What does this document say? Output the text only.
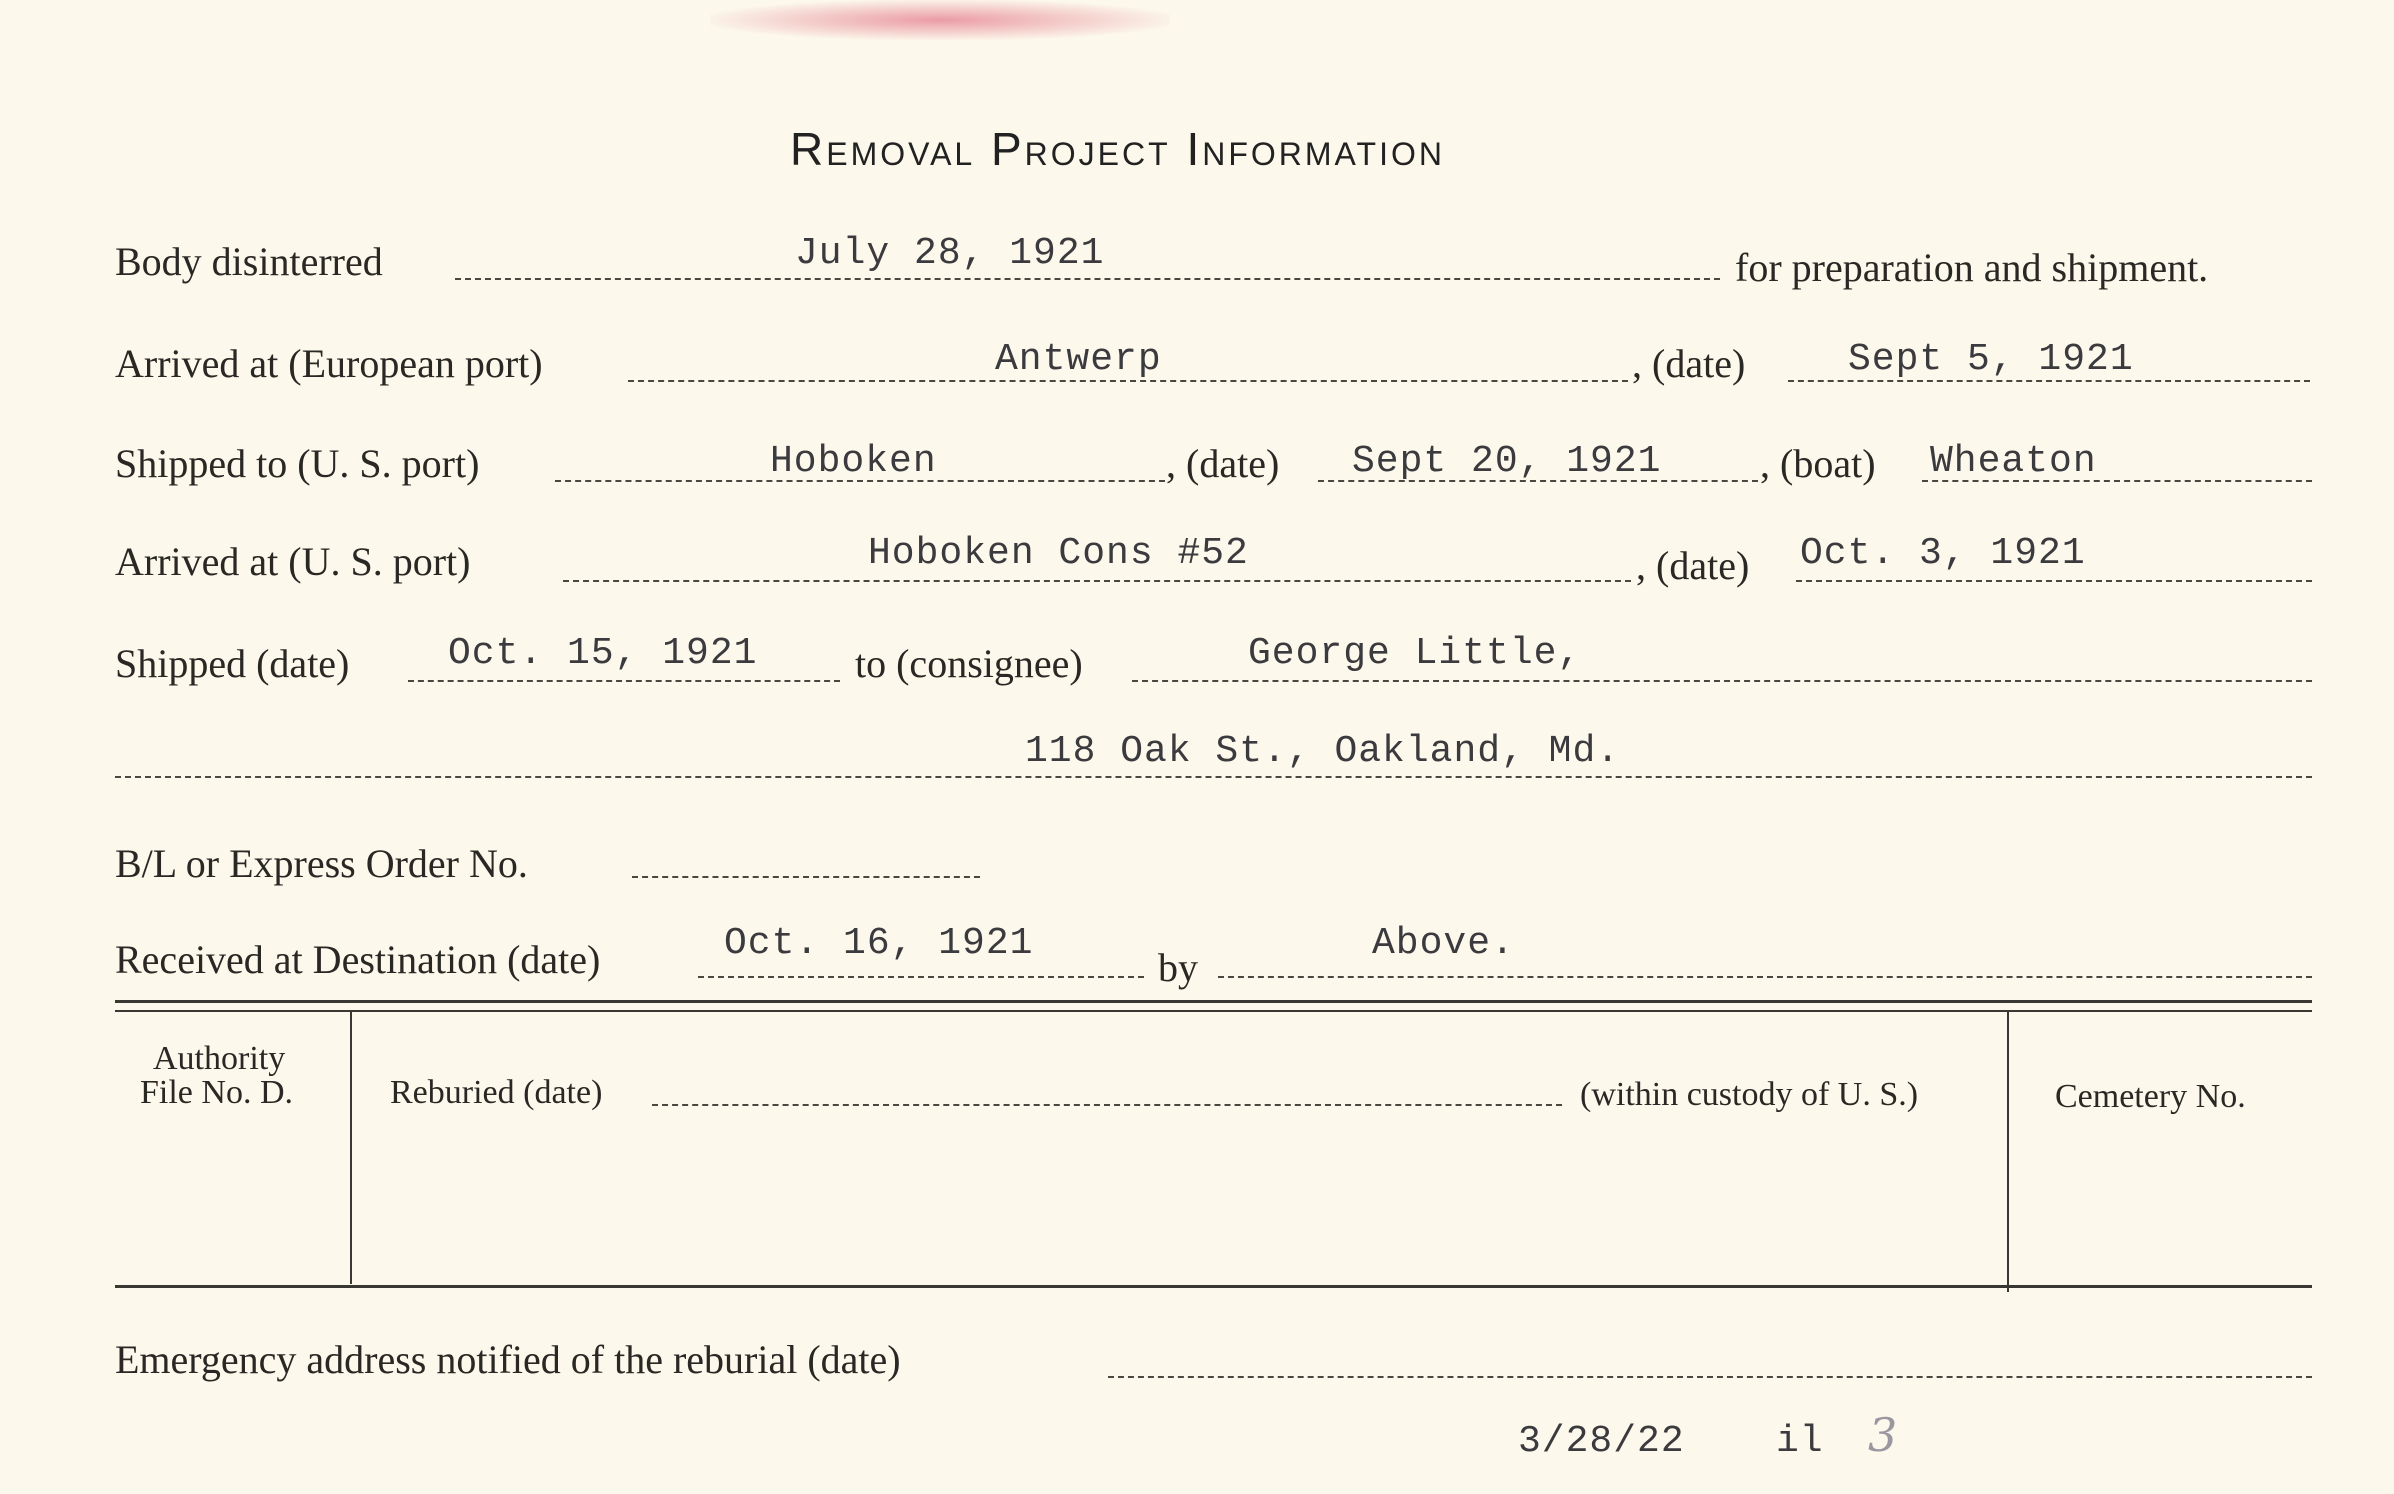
Removal Project Information
Body disinterred	July 28, 1921	for preparation and shipment.
Arrived at (European port)	Antwerp	, (date)	Sept 5, 1921
Shipped to (U. S. port)	Hoboken	, (date) Sept 20, 1921 , (boat) Wheaton
Arrived at (U. S. port)	Hoboken Cons #52	, (date) Oct. 3, 1921
Shipped (date)	Oct. 15, 1921 to (consignee)	George Little,
118 Oak St., Oakland, Md.
B/L or Express Order No.
Received at Destination (date)	Oct. 16, 1921
by
Above.
Authority
File No. D.	Reburied (date)	(within custody of U. S.)	Cemetery No.
Emergency address notified of the reburial (date)
3/28/22 il 3
